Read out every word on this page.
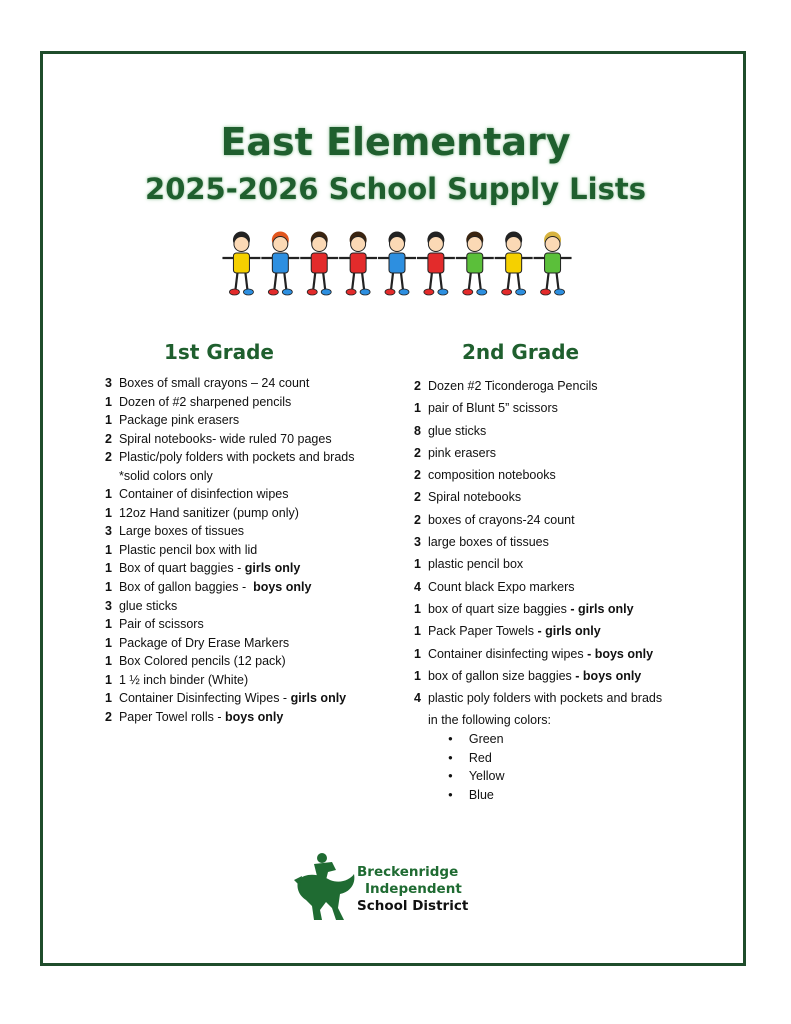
East Elementary
2025-2026 School Supply Lists
1st Grade	2nd Grade
3 Boxes of small crayons – 24 count
1 Dozen of #2 sharpened pencils
1 Package pink erasers
2 Spiral notebooks- wide ruled 70 pages
2 Plastic/poly folders with pockets and brads
*solid colors only
1 Container of disinfection wipes
1 12oz Hand sanitizer (pump only)
3 Large boxes of tissues
1 Plastic pencil box with lid
1 Box of quart baggies - girls only
1 Box of gallon baggies -  boys only
3 glue sticks
1 Pair of scissors
1 Package of Dry Erase Markers
1 Box Colored pencils (12 pack)
1 1 ½ inch binder (White)
1 Container Disinfecting Wipes - girls only
2 Paper Towel rolls - boys only
2 Dozen #2 Ticonderoga Pencils
1 pair of Blunt 5” scissors
8 glue sticks
2 pink erasers
2 composition notebooks
2 Spiral notebooks
2 boxes of crayons-24 count
3 large boxes of tissues
1 plastic pencil box
4 Count black Expo markers
1 box of quart size baggies - girls only
1 Pack Paper Towels - girls only
1 Container disinfecting wipes - boys only
1 box of gallon size baggies - boys only
4 plastic poly folders with pockets and brads
in the following colors:
● Green
● Red
● Yellow
● Blue
Breckenridge
Independent
School District
